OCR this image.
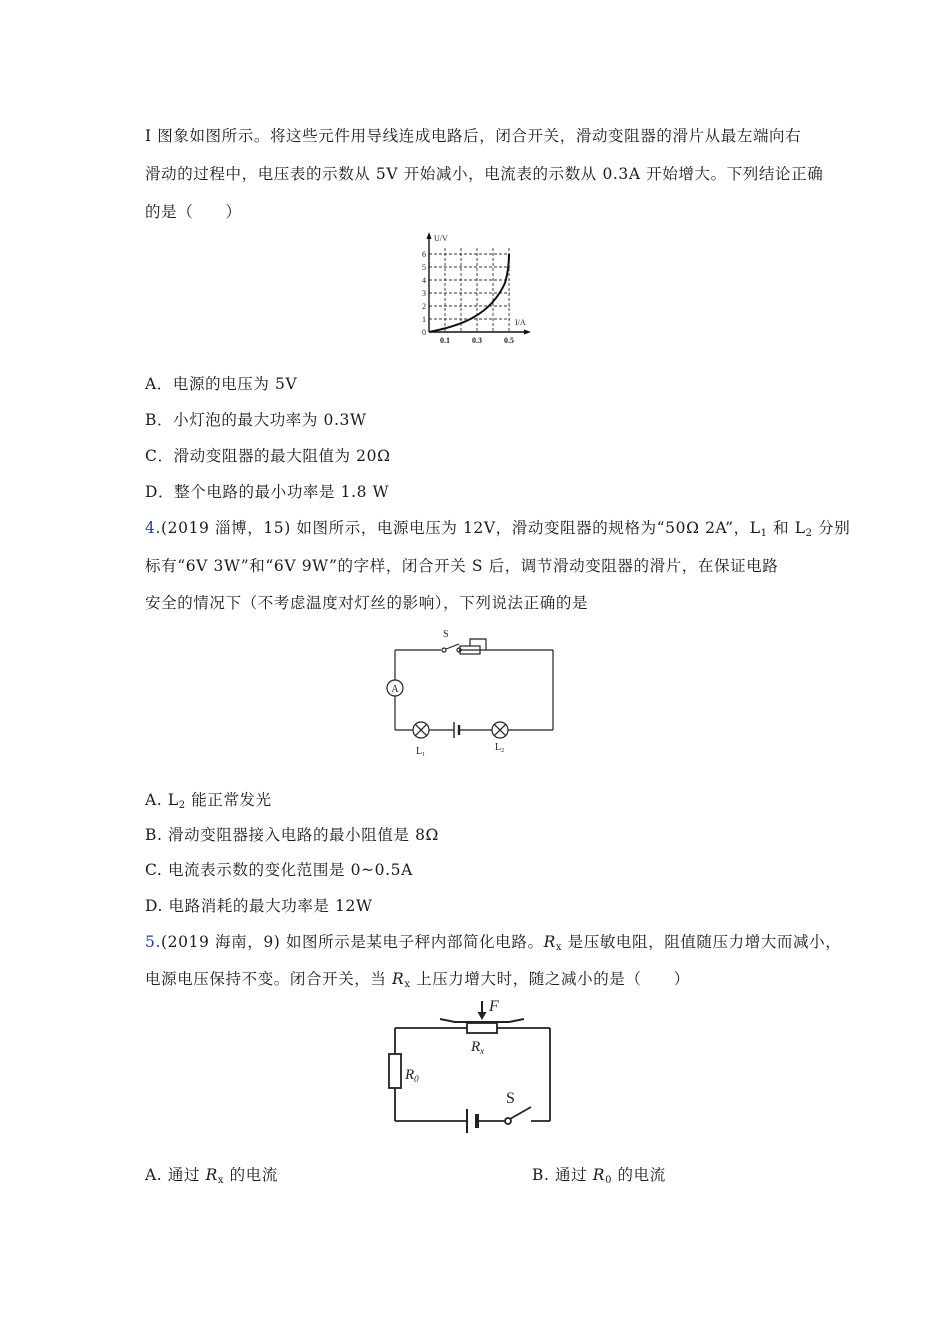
I 图象如图所示。将这些元件用导线连成电路后，闭合开关，滑动变阻器的滑片从最左端向右
滑动的过程中，电压表的示数从 5V 开始减小，电流表的示数从 0.3A 开始增大。下列结论正确
的是（　　）
U/V
I/A
0
1
2
3
4
5
6
0.1	0.3	0.5
A．电源的电压为 5V
B．小灯泡的最大功率为 0.3W
C．滑动变阻器的最大阻值为 20Ω
D．整个电路的最小功率是 1.8 W
4.(2019 淄博，15) 如图所示，电源电压为 12V，滑动变阻器的规格为“50Ω 2A”，$L_1$ 和 $L_2$ 分别
标有“6V 3W”和“6V 9W”的字样，闭合开关 S 后，调节滑动变阻器的滑片，在保证电路
安全的情况下（不考虑温度对灯丝的影响），下列说法正确的是
A
S
$L_1$
$L_2$
A. $L_2$ 能正常发光
B. 滑动变阻器接入电路的最小阻值是 8Ω
C. 电流表示数的变化范围是 0~0.5A
D. 电路消耗的最大功率是 12W
5.(2019 海南，9) 如图所示是某电子秤内部简化电路。$R_x$ 是压敏电阻，阻值随压力增大而减小，
电源电压保持不变。闭合开关，当 $R_x$ 上压力增大时，随之减小的是（　　）
F
$R_x$
$R_0$
S
A. 通过 $R_x$ 的电流	B. 通过 $R_0$ 的电流
